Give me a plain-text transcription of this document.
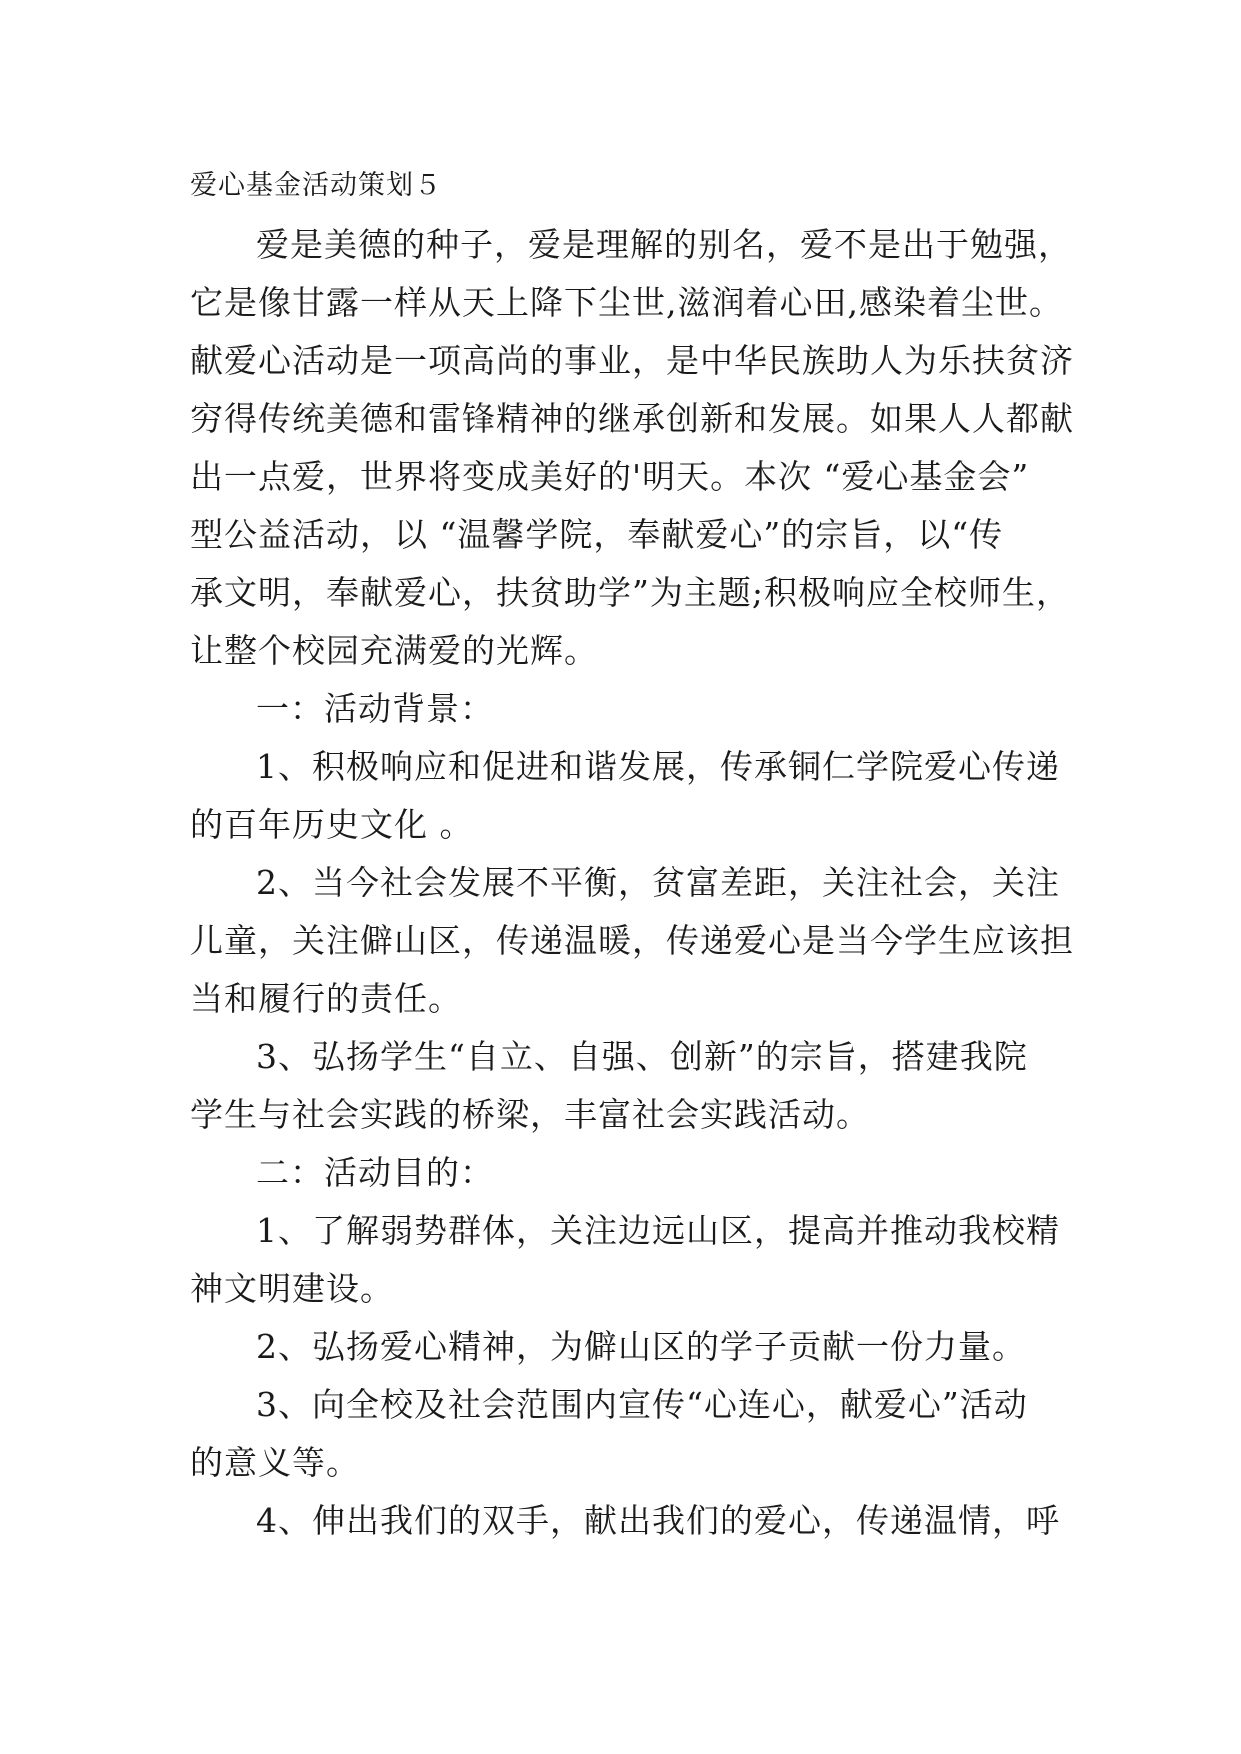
爱心基金活动策划５
爱是美德的种子，爱是理解的别名，爱不是出于勉强，
它是像甘露一样从天上降下尘世,滋润着心田,感染着尘世。
献爱心活动是一项高尚的事业，是中华民族助人为乐扶贫济
穷得传统美德和雷锋精神的继承创新和发展。如果人人都献
出一点爱，世界将变成美好的'明天。本次 “爱心基金会”
型公益活动，以 “温馨学院，奉献爱心”的宗旨，以“传
承文明，奉献爱心，扶贫助学”为主题;积极响应全校师生，
让整个校园充满爱的光辉。
一：活动背景：
1、积极响应和促进和谐发展，传承铜仁学院爱心传递
的百年历史文化 。
2、当今社会发展不平衡，贫富差距，关注社会，关注
儿童，关注僻山区，传递温暖，传递爱心是当今学生应该担
当和履行的责任。
3、弘扬学生“自立、自强、创新”的宗旨，搭建我院
学生与社会实践的桥梁，丰富社会实践活动。
二：活动目的：
1、了解弱势群体，关注边远山区，提高并推动我校精
神文明建设。
2、弘扬爱心精神，为僻山区的学子贡献一份力量。
3、向全校及社会范围内宣传“心连心，献爱心”活动
的意义等。
4、伸出我们的双手，献出我们的爱心，传递温情，呼
